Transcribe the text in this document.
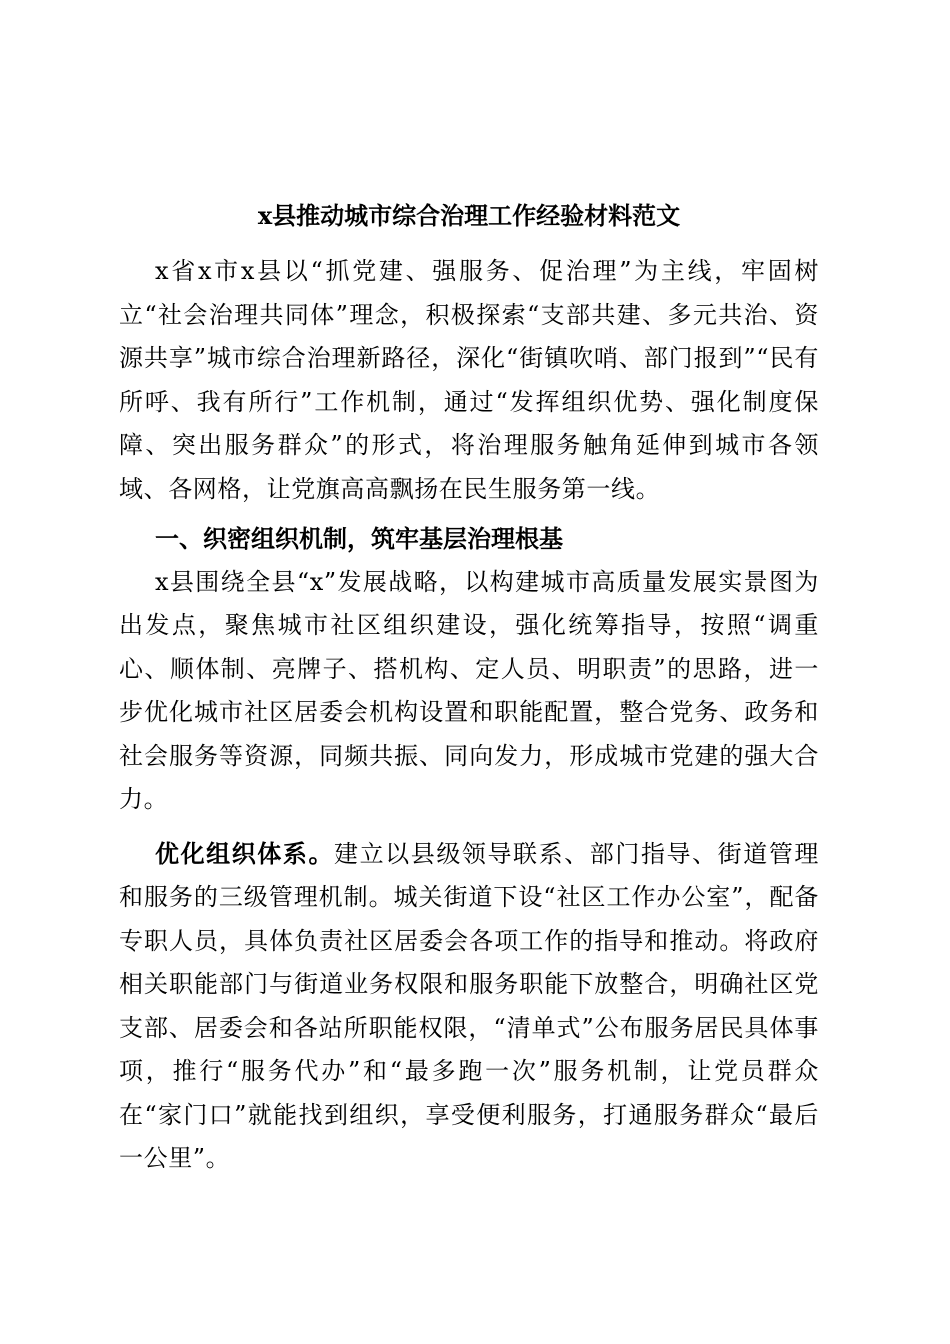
x县推动城市综合治理工作经验材料范文

x省x市x县以“抓党建、强服务、促治理”为主线，牢固树立“社会治理共同体”理念，积极探索“支部共建、多元共治、资源共享”城市综合治理新路径，深化“街镇吹哨、部门报到”“民有所呼、我有所行”工作机制，通过“发挥组织优势、强化制度保障、突出服务群众”的形式，将治理服务触角延伸到城市各领域、各网格，让党旗高高飘扬在民生服务第一线。

一、织密组织机制，筑牢基层治理根基

x县围绕全县“x”发展战略，以构建城市高质量发展实景图为出发点，聚焦城市社区组织建设，强化统筹指导，按照“调重心、顺体制、亮牌子、搭机构、定人员、明职责”的思路，进一步优化城市社区居委会机构设置和职能配置，整合党务、政务和社会服务等资源，同频共振、同向发力，形成城市党建的强大合力。

优化组织体系。建立以县级领导联系、部门指导、街道管理和服务的三级管理机制。城关街道下设“社区工作办公室”，配备专职人员，具体负责社区居委会各项工作的指导和推动。将政府相关职能部门与街道业务权限和服务职能下放整合，明确社区党支部、居委会和各站所职能权限，“清单式”公布服务居民具体事项，推行“服务代办”和“最多跑一次”服务机制，让党员群众在“家门口”就能找到组织，享受便利服务，打通服务群众“最后一公里”。
